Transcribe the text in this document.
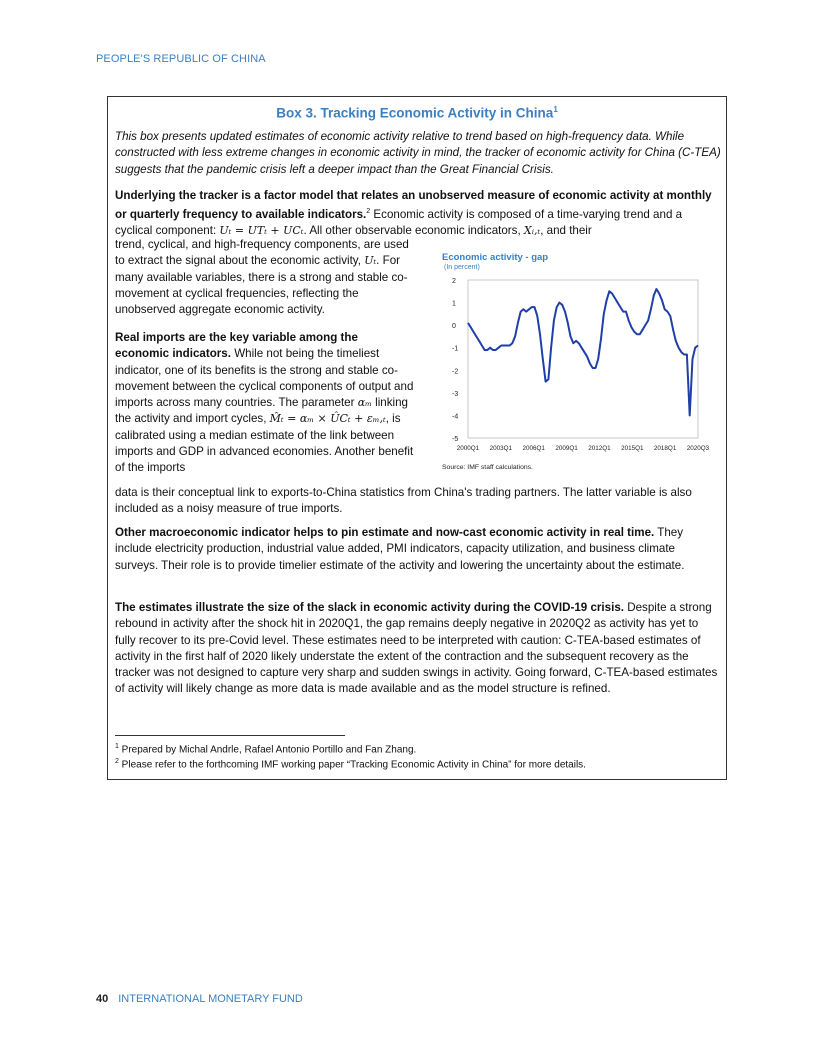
PEOPLE'S REPUBLIC OF CHINA
Box 3. Tracking Economic Activity in China$^1$
This box presents updated estimates of economic activity relative to trend based on high-frequency data. While constructed with less extreme changes in economic activity in mind, the tracker of economic activity for China (C-TEA) suggests that the pandemic crisis left a deeper impact than the Great Financial Crisis.
Underlying the tracker is a factor model that relates an unobserved measure of economic activity at monthly or quarterly frequency to available indicators.$^2$ Economic activity is composed of a time-varying trend and a cyclical component: Uₜ = UTₜ + UCₜ. All other observable economic indicators, Xᵢ,ₜ, and their
trend, cyclical, and high-frequency components, are used to extract the signal about the economic activity, Uₜ. For many available variables, there is a strong and stable co-movement at cyclical frequencies, reflecting the unobserved aggregate economic activity.
Real imports are the key variable among the economic indicators. While not being the timeliest indicator, one of its benefits is the strong and stable co-movement between the cyclical components of output and imports across many countries. The parameter αₘ linking the activity and import cycles, M̂ₜ = αₘ × ÛCₜ + εₘ,ₜ, is calibrated using a median estimate of the link between imports and GDP in advanced economies. Another benefit of the imports
data is their conceptual link to exports-to-China statistics from China's trading partners. The latter variable is also included as a noisy measure of true imports.
Other macroeconomic indicator helps to pin estimate and now-cast economic activity in real time. They include electricity production, industrial value added, PMI indicators, capacity utilization, and business climate surveys. Their role is to provide timelier estimate of the activity and lowering the uncertainty about the estimate.
The estimates illustrate the size of the slack in economic activity during the COVID-19 crisis. Despite a strong rebound in activity after the shock hit in 2020Q1, the gap remains deeply negative in 2020Q2 as activity has yet to fully recover to its pre-Covid level. These estimates need to be interpreted with caution: C-TEA-based estimates of activity in the first half of 2020 likely understate the extent of the contraction and the subsequent recovery as the tracker was not designed to capture very sharp and sudden swings in activity. Going forward, C-TEA-based estimates of activity will likely change as more data is made available and as the model structure is refined.
$^1$ Prepared by Michal Andrle, Rafael Antonio Portillo and Fan Zhang.
$^2$ Please refer to the forthcoming IMF working paper “Tracking Economic Activity in China” for more details.
Economic activity - gap
(In percent)
2
1
0
-1
-2
-3
-4
-5
2000Q1 2003Q1 2006Q1 2009Q1 2012Q1 2015Q1 2018Q1 2020Q3
Source: IMF staff calculations.
40 INTERNATIONAL MONETARY FUND
